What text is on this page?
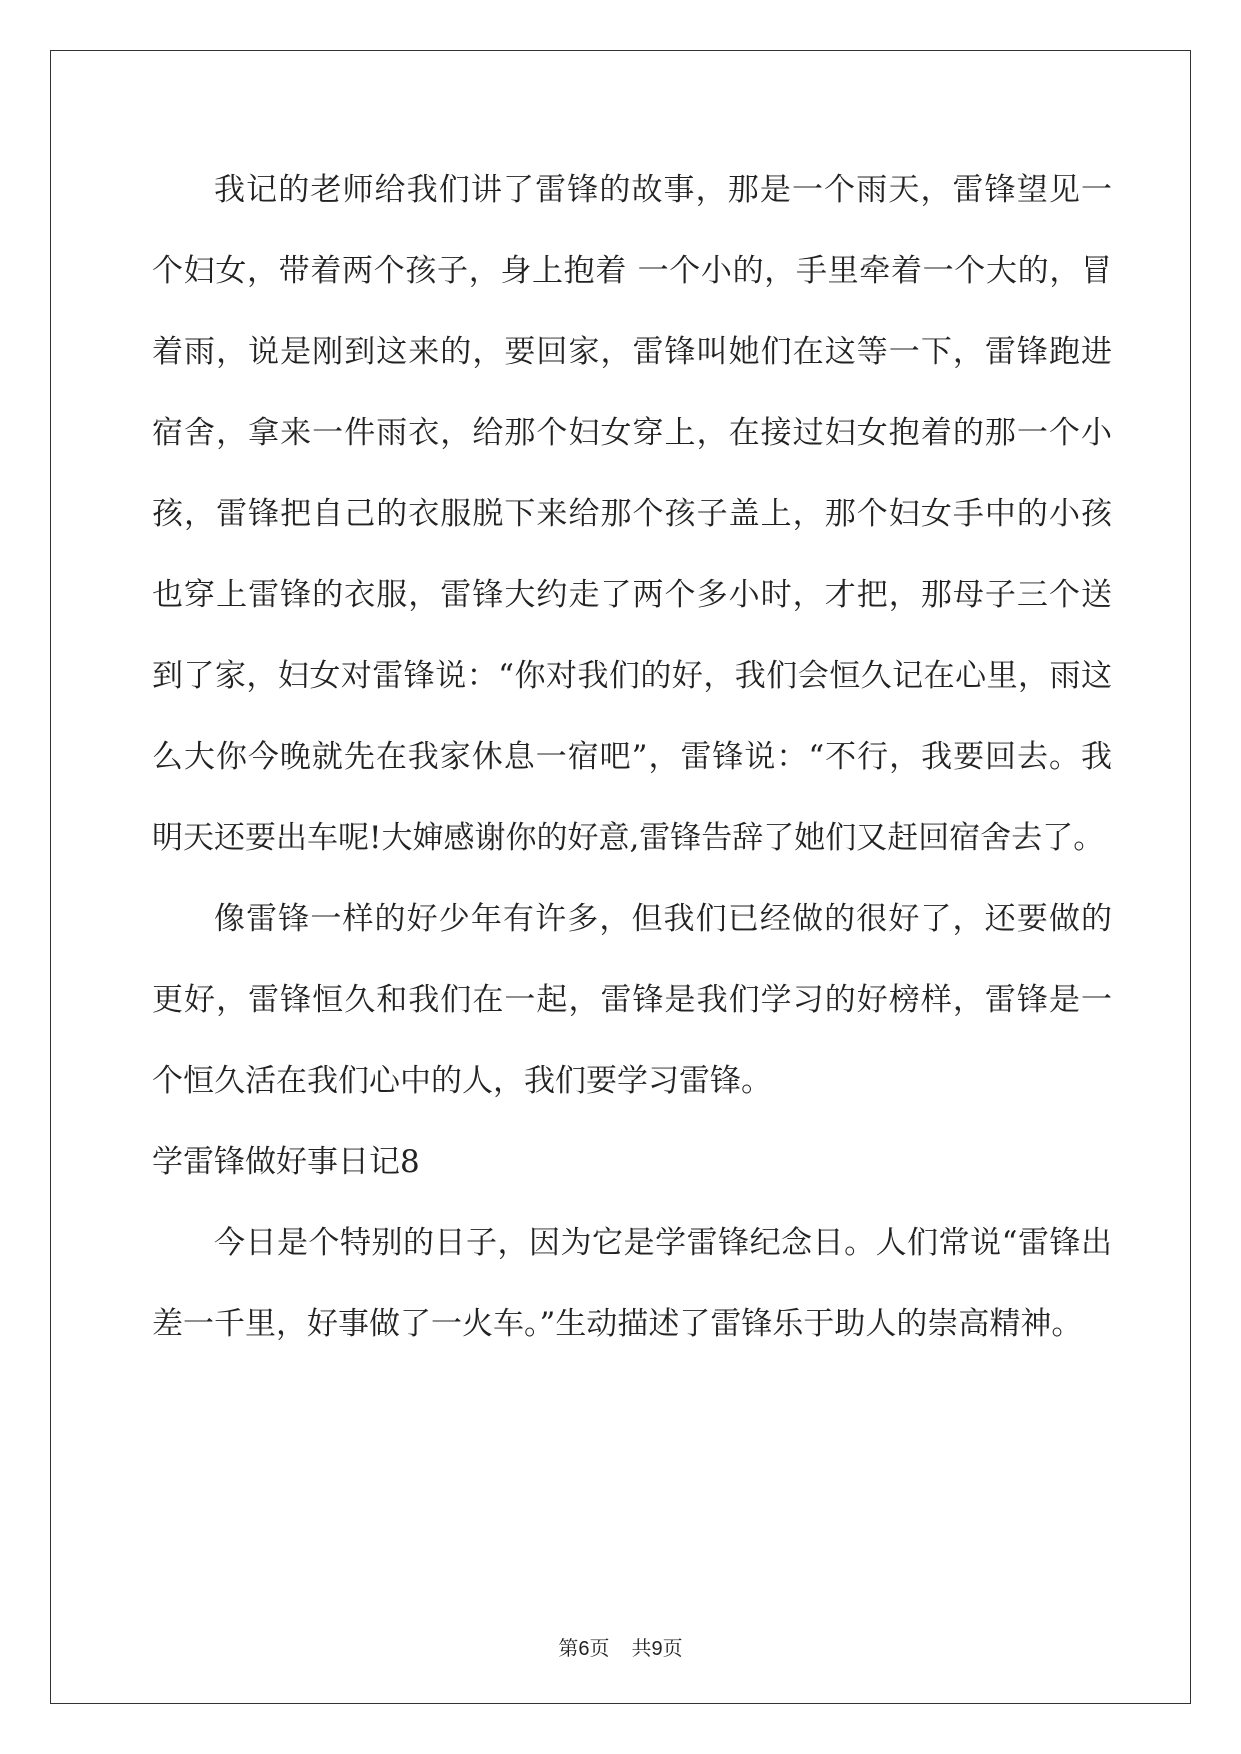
我记的老师给我们讲了雷锋的故事，那是一个雨天，雷锋望见一个妇女，带着两个孩子，身上抱着 一个小的，手里牵着一个大的，冒着雨，说是刚到这来的，要回家，雷锋叫她们在这等一下，雷锋跑进宿舍，拿来一件雨衣，给那个妇女穿上，在接过妇女抱着的那一个小孩，雷锋把自己的衣服脱下来给那个孩子盖上，那个妇女手中的小孩也穿上雷锋的衣服，雷锋大约走了两个多小时，才把，那母子三个送到了家，妇女对雷锋说：“你对我们的好，我们会恒久记在心里，雨这么大你今晚就先在我家休息一宿吧”，雷锋说：“不行，我要回去。我明天还要出车呢!大婶感谢你的好意,雷锋告辞了她们又赶回宿舍去了。

像雷锋一样的好少年有许多，但我们已经做的很好了，还要做的更好，雷锋恒久和我们在一起，雷锋是我们学习的好榜样，雷锋是一个恒久活在我们心中的人，我们要学习雷锋。

学雷锋做好事日记8

今日是个特别的日子，因为它是学雷锋纪念日。人们常说“雷锋出差一千里，好事做了一火车。”生动描述了雷锋乐于助人的崇高精神。

第6页 共9页
